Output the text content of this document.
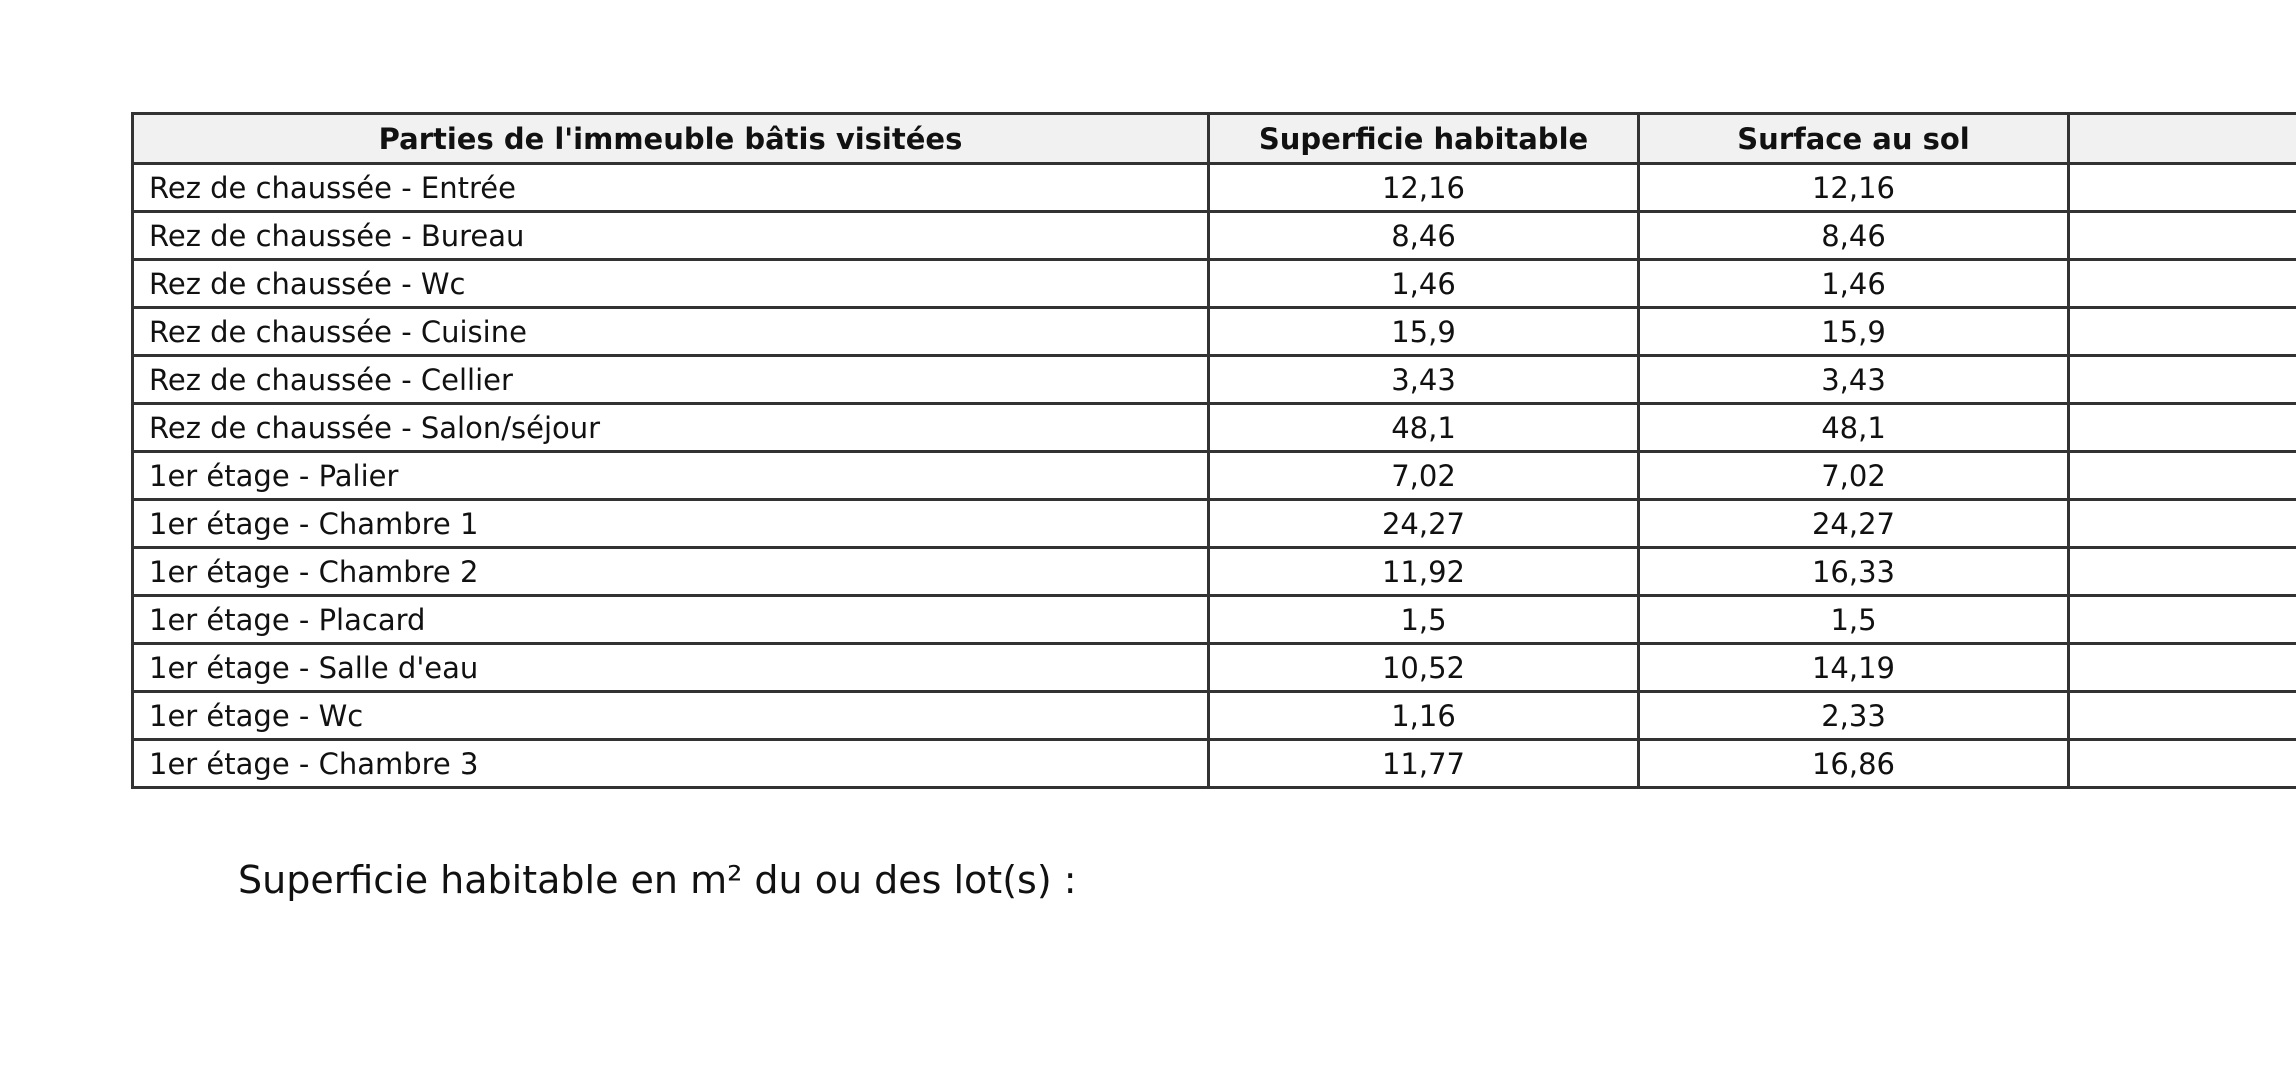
Parties de l'immeuble bâtis visitées	Superficie habitable	Surface au sol	
Rez de chaussée - Entrée	12,16	12,16	
Rez de chaussée - Bureau	8,46	8,46	
Rez de chaussée - Wc	1,46	1,46	
Rez de chaussée - Cuisine	15,9	15,9	
Rez de chaussée - Cellier	3,43	3,43	
Rez de chaussée - Salon/séjour	48,1	48,1	
1er étage - Palier	7,02	7,02	
1er étage - Chambre 1	24,27	24,27	
1er étage - Chambre 2	11,92	16,33	
1er étage - Placard	1,5	1,5	
1er étage - Salle d'eau	10,52	14,19	
1er étage - Wc	1,16	2,33	
1er étage - Chambre 3	11,77	16,86	
Superficie habitable en m² du ou des lot(s) :
